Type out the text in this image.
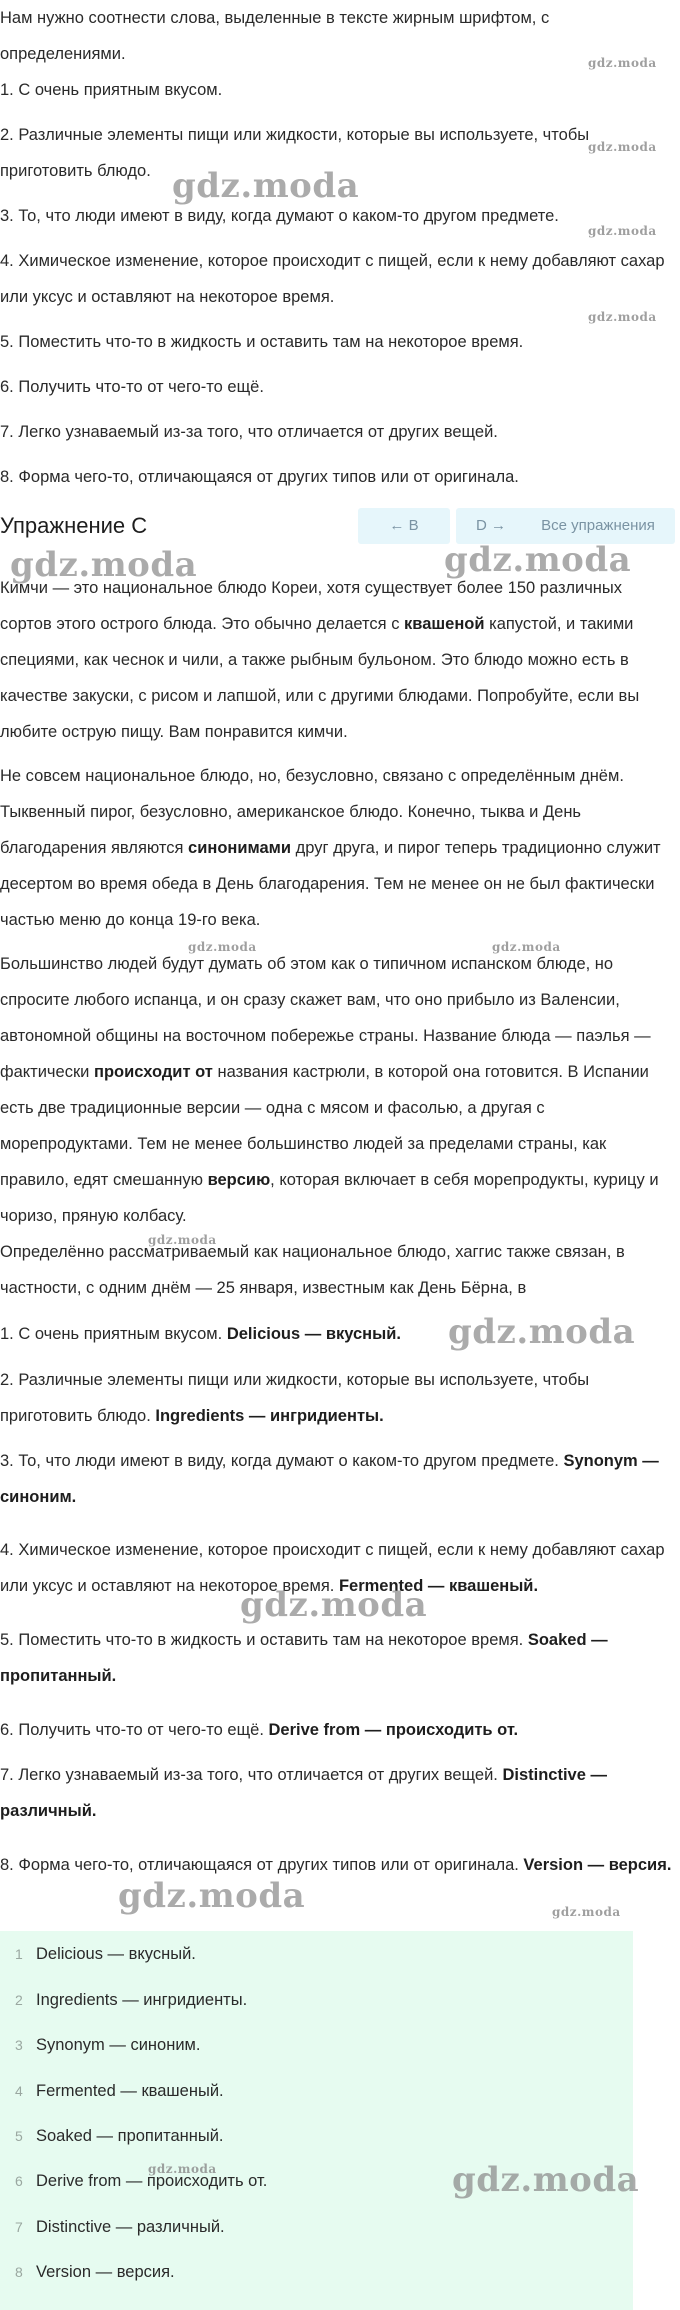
Нам нужно соотнести слова, выделенные в тексте жирным шрифтом, с определениями.

1. С очень приятным вкусом.

2. Различные элементы пищи или жидкости, которые вы используете, чтобы приготовить блюдо.

3. То, что люди имеют в виду, когда думают о каком-то другом предмете.

4. Химическое изменение, которое происходит с пищей, если к нему добавляют сахар или уксус и оставляют на некоторое время.

5. Поместить что-то в жидкость и оставить там на некоторое время.

6. Получить что-то от чего-то ещё.

7. Легко узнаваемый из-за того, что отличается от других вещей.

8. Форма чего-то, отличающаяся от других типов или от оригинала.

Упражнение C	← B	D →	Все упражнения

Кимчи — это национальное блюдо Кореи, хотя существует более 150 различных сортов этого острого блюда. Это обычно делается с квашеной капустой, и такими специями, как чеснок и чили, а также рыбным бульоном. Это блюдо можно есть в качестве закуски, с рисом и лапшой, или с другими блюдами. Попробуйте, если вы любите острую пищу. Вам понравится кимчи.

Не совсем национальное блюдо, но, безусловно, связано с определённым днём. Тыквенный пирог, безусловно, американское блюдо. Конечно, тыква и День благодарения являются синонимами друг друга, и пирог теперь традиционно служит десертом во время обеда в День благодарения. Тем не менее он не был фактически частью меню до конца 19-го века.

Большинство людей будут думать об этом как о типичном испанском блюде, но спросите любого испанца, и он сразу скажет вам, что оно прибыло из Валенсии, автономной общины на восточном побережье страны. Название блюда — паэлья — фактически происходит от названия кастрюли, в которой она готовится. В Испании есть две традиционные версии — одна с мясом и фасолью, а другая с морепродуктами. Тем не менее большинство людей за пределами страны, как правило, едят смешанную версию, которая включает в себя морепродукты, курицу и чоризо, пряную колбасу.

Определённо рассматриваемый как национальное блюдо, хаггис также связан, в частности, с одним днём — 25 января, известным как День Бёрна, в

1. С очень приятным вкусом. Delicious — вкусный.

2. Различные элементы пищи или жидкости, которые вы используете, чтобы приготовить блюдо. Ingredients — ингридиенты.

3. То, что люди имеют в виду, когда думают о каком-то другом предмете. Synonym — синоним.

4. Химическое изменение, которое происходит с пищей, если к нему добавляют сахар или уксус и оставляют на некоторое время. Fermented — квашеный.

5. Поместить что-то в жидкость и оставить там на некоторое время. Soaked — пропитанный.

6. Получить что-то от чего-то ещё. Derive from — происходить от.

7. Легко узнаваемый из-за того, что отличается от других вещей. Distinctive — различный.

8. Форма чего-то, отличающаяся от других типов или от оригинала. Version — версия.

1 Delicious — вкусный.
2 Ingredients — ингридиенты.
3 Synonym — синоним.
4 Fermented — квашеный.
5 Soaked — пропитанный.
6 Derive from — происходить от.
7 Distinctive — различный.
8 Version — версия.
gdz.moda
gdz.moda
gdz.moda
gdz.moda
gdz.moda
gdz.moda	gdz.moda
gdz.moda	gdz.moda
gdz.moda
gdz.moda
gdz.moda
gdz.moda	gdz.moda
gdz.moda	gdz.moda
